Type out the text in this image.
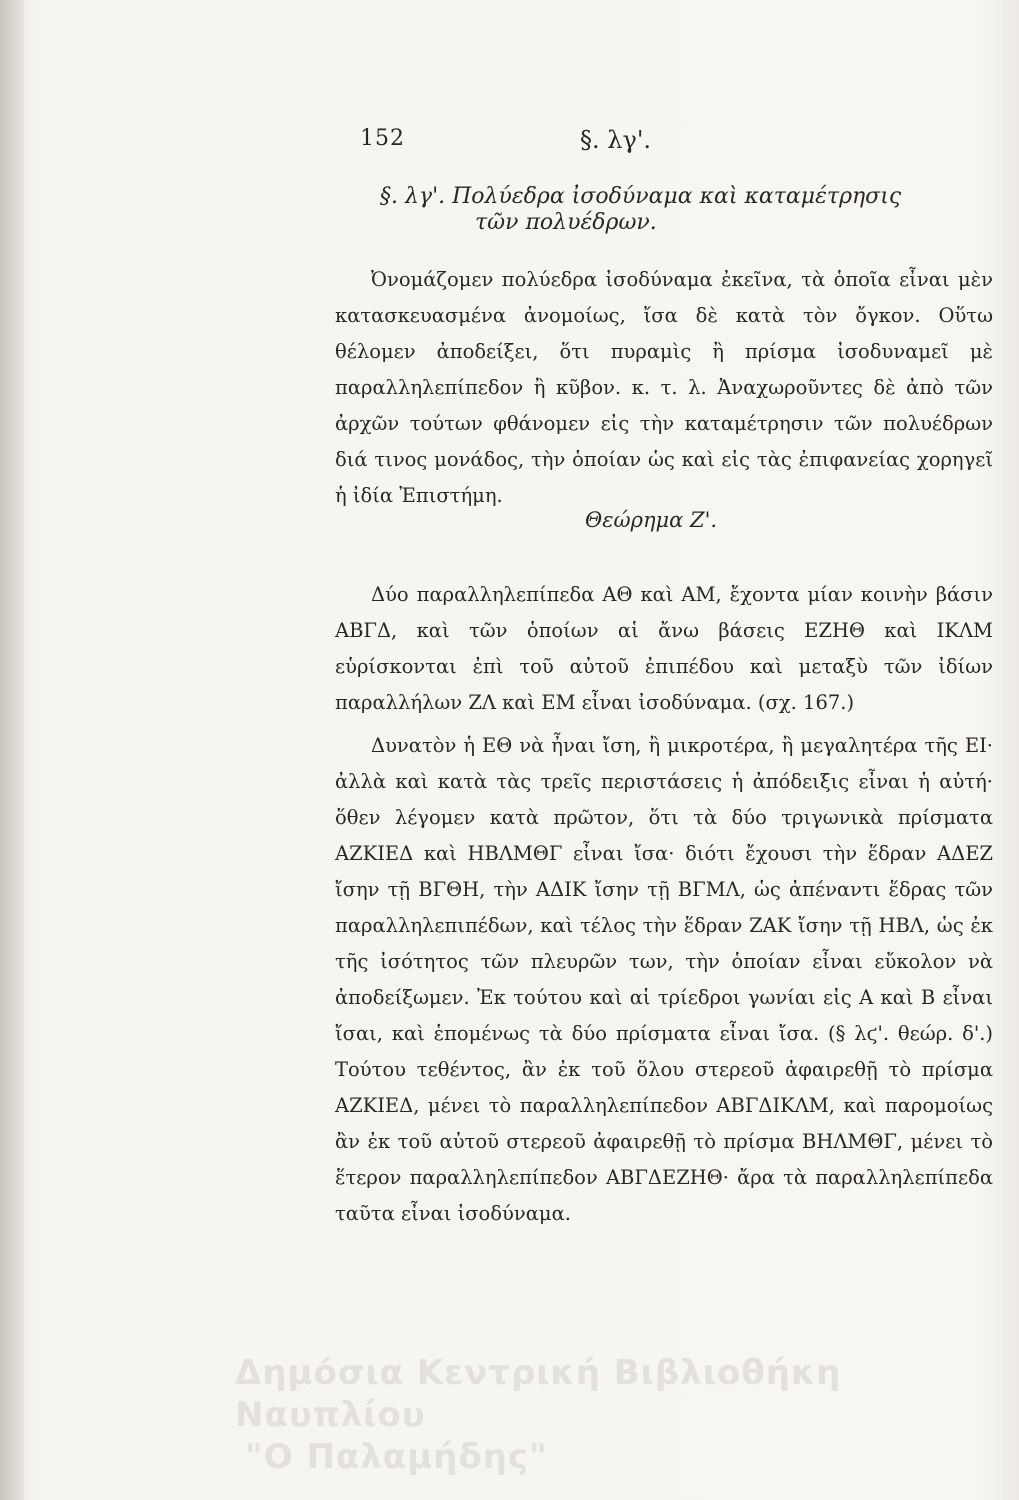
152	§. λγ'.
§. λγ'. Πολύεδρα ἰσοδύναμα καὶ καταμέτρησις
τῶν πολυέδρων.

Ὀνομάζομεν πολύεδρα ἰσοδύναμα ἐκεῖνα, τὰ ὁποῖα εἶναι μὲν κατασκευασμένα ἀνομοίως, ἴσα δὲ κατὰ τὸν ὄγκον. Οὕτω θέλομεν ἀποδείξει, ὅτι πυραμὶς ἢ πρίσμα ἰσοδυναμεῖ μὲ παραλληλεπίπεδον ἢ κῦβον. κ. τ. λ. Ἀναχωροῦντες δὲ ἀπὸ τῶν ἀρχῶν τούτων φθάνομεν εἰς τὴν καταμέτρησιν τῶν πολυέδρων διά τινος μονάδος, τὴν ὁποίαν ὡς καὶ εἰς τὰς ἐπιφανείας χορηγεῖ ἡ ἰδία Ἐπιστήμη.

Θεώρημα Ζ'.

Δύο παραλληλεπίπεδα ΑΘ καὶ ΑΜ, ἔχοντα μίαν κοινὴν βάσιν ΑΒΓΔ, καὶ τῶν ὁποίων αἱ ἄνω βάσεις ΕΖΗΘ καὶ ΙΚΛΜ εὑρίσκονται ἐπὶ τοῦ αὐτοῦ ἐπιπέδου καὶ μεταξὺ τῶν ἰδίων παραλλήλων ΖΛ καὶ ΕΜ εἶναι ἰσοδύναμα. (σχ. 167.)

Δυνατὸν ἡ ΕΘ νὰ ἦναι ἴση, ἢ μικροτέρα, ἢ μεγαλητέρα τῆς ΕΙ· ἀλλὰ καὶ κατὰ τὰς τρεῖς περιστάσεις ἡ ἀπόδειξις εἶναι ἡ αὐτή· ὅθεν λέγομεν κατὰ πρῶτον, ὅτι τὰ δύο τριγωνικὰ πρίσματα ΑΖΚΙΕΔ καὶ ΗΒΛΜΘΓ εἶναι ἴσα· διότι ἔχουσι τὴν ἕδραν ΑΔΕΖ ἴσην τῇ ΒΓΘΗ, τὴν ΑΔΙΚ ἴσην τῇ ΒΓΜΛ, ὡς ἀπέναντι ἕδρας τῶν παραλληλεπιπέδων, καὶ τέλος τὴν ἕδραν ΖΑΚ ἴσην τῇ ΗΒΛ, ὡς ἐκ τῆς ἰσότητος τῶν πλευρῶν των, τὴν ὁποίαν εἶναι εὔκολον νὰ ἀποδείξωμεν. Ἐκ τούτου καὶ αἱ τρίεδροι γωνίαι εἰς Α καὶ Β εἶναι ἴσαι, καὶ ἑπομένως τὰ δύο πρίσματα εἶναι ἴσα. (§ λϛ'. θεώρ. δ'.) Τούτου τεθέντος, ἂν ἐκ τοῦ ὅλου στερεοῦ ἀφαιρεθῇ τὸ πρίσμα ΑΖΚΙΕΔ, μένει τὸ παραλληλεπίπεδον ΑΒΓΔΙΚΛΜ, καὶ παρομοίως ἂν ἐκ τοῦ αὐτοῦ στερεοῦ ἀφαιρεθῇ τὸ πρίσμα ΒΗΛΜΘΓ, μένει τὸ ἕτερον παραλληλεπίπεδον ΑΒΓΔΕΖΗΘ· ἄρα τὰ παραλληλεπίπεδα ταῦτα εἶναι ἰσοδύναμα.

Δημόσια Κεντρική Βιβλιοθήκη Ναυπλίου
"Ο Παλαμήδης"
